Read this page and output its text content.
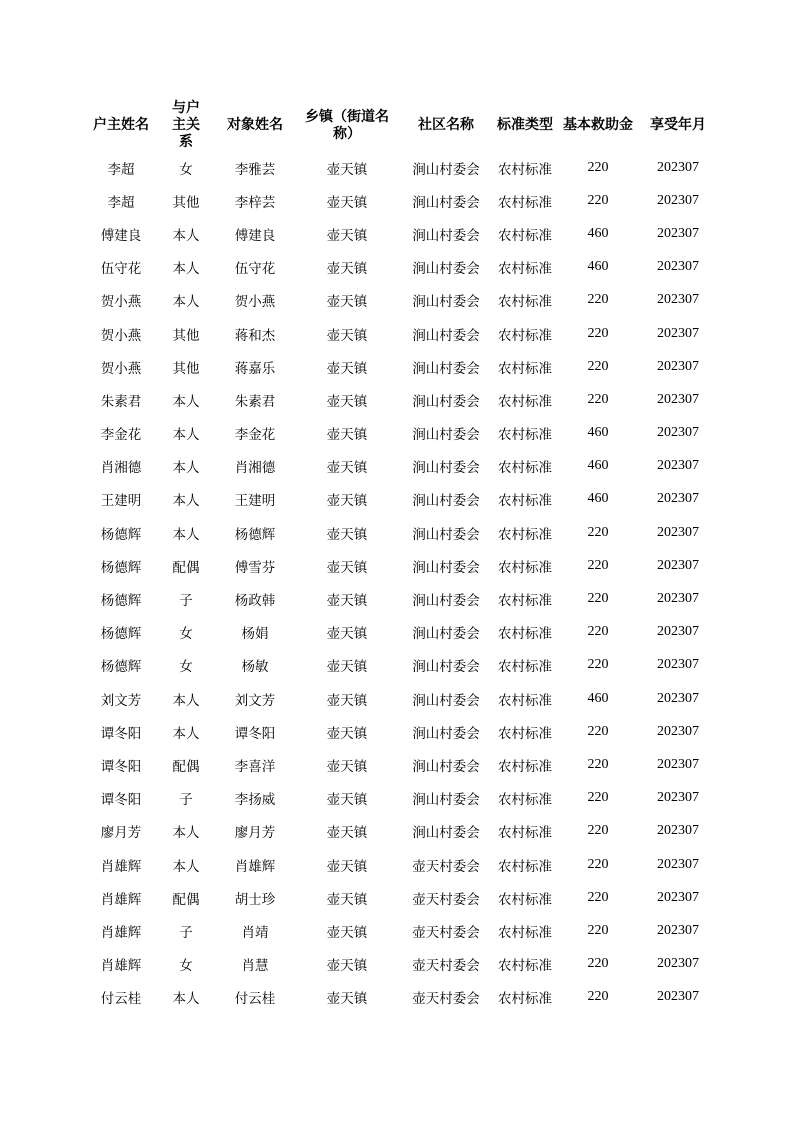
户主姓名	与户主关系	对象姓名	乡镇（街道名称）	社区名称	标准类型	基本救助金	享受年月
李超	女	李雅芸	壶天镇	涧山村委会	农村标准	220	202307
李超	其他	李梓芸	壶天镇	涧山村委会	农村标准	220	202307
傅建良	本人	傅建良	壶天镇	涧山村委会	农村标准	460	202307
伍守花	本人	伍守花	壶天镇	涧山村委会	农村标准	460	202307
贺小燕	本人	贺小燕	壶天镇	涧山村委会	农村标准	220	202307
贺小燕	其他	蒋和杰	壶天镇	涧山村委会	农村标准	220	202307
贺小燕	其他	蒋嘉乐	壶天镇	涧山村委会	农村标准	220	202307
朱素君	本人	朱素君	壶天镇	涧山村委会	农村标准	220	202307
李金花	本人	李金花	壶天镇	涧山村委会	农村标准	460	202307
肖湘德	本人	肖湘德	壶天镇	涧山村委会	农村标准	460	202307
王建明	本人	王建明	壶天镇	涧山村委会	农村标准	460	202307
杨德辉	本人	杨德辉	壶天镇	涧山村委会	农村标准	220	202307
杨德辉	配偶	傅雪芬	壶天镇	涧山村委会	农村标准	220	202307
杨德辉	子	杨政韩	壶天镇	涧山村委会	农村标准	220	202307
杨德辉	女	杨娟	壶天镇	涧山村委会	农村标准	220	202307
杨德辉	女	杨敏	壶天镇	涧山村委会	农村标准	220	202307
刘文芳	本人	刘文芳	壶天镇	涧山村委会	农村标准	460	202307
谭冬阳	本人	谭冬阳	壶天镇	涧山村委会	农村标准	220	202307
谭冬阳	配偶	李喜洋	壶天镇	涧山村委会	农村标准	220	202307
谭冬阳	子	李扬威	壶天镇	涧山村委会	农村标准	220	202307
廖月芳	本人	廖月芳	壶天镇	涧山村委会	农村标准	220	202307
肖雄辉	本人	肖雄辉	壶天镇	壶天村委会	农村标准	220	202307
肖雄辉	配偶	胡士珍	壶天镇	壶天村委会	农村标准	220	202307
肖雄辉	子	肖靖	壶天镇	壶天村委会	农村标准	220	202307
肖雄辉	女	肖慧	壶天镇	壶天村委会	农村标准	220	202307
付云桂	本人	付云桂	壶天镇	壶天村委会	农村标准	220	202307
